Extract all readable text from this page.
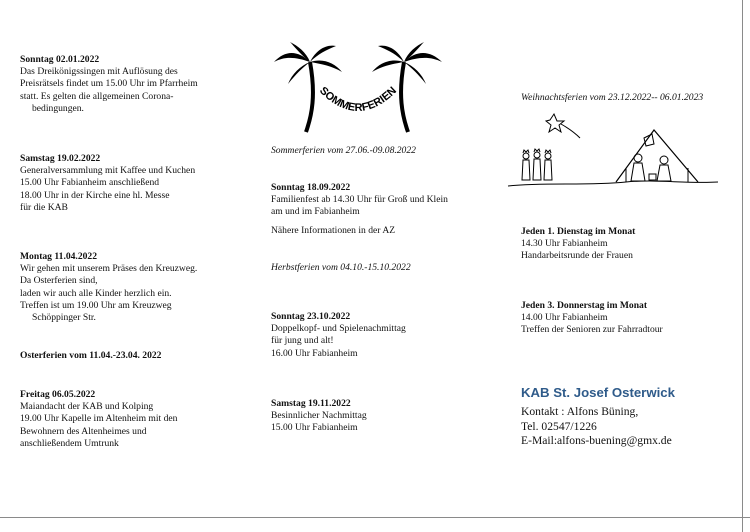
Sonntag 02.01.2022
Das Dreikönigssingen mit Auflösung des
Preisrätsels findet um 15.00 Uhr im Pfarrheim
statt. Es gelten die allgemeinen Corona-
bedingungen.
Samstag 19.02.2022
Generalversammlung mit Kaffee und Kuchen
15.00 Uhr Fabianheim anschließend
18.00 Uhr in der Kirche eine hl. Messe
für die KAB
Montag 11.04.2022
Wir gehen mit unserem Präses den Kreuzweg.
Da Osterferien sind,
laden wir auch alle Kinder herzlich ein.
Treffen ist um 19.00 Uhr am Kreuzweg
Schöppinger Str.
Osterferien vom 11.04.-23.04. 2022
Freitag 06.05.2022
Maiandacht der KAB und Kolping
19.00 Uhr Kapelle im Altenheim mit den
Bewohnern des Altenheimes und
anschließendem Umtrunk
SOMMERFERIEN
Sommerferien vom 27.06.-09.08.2022
Sonntag 18.09.2022
Familienfest ab 14.30 Uhr für Groß und Klein
am und im Fabianheim
Nähere Informationen in der AZ
Herbstferien vom 04.10.-15.10.2022
Sonntag 23.10.2022
Doppelkopf- und Spielenachmittag
für jung und alt!
16.00 Uhr Fabianheim
Samstag 19.11.2022
Besinnlicher Nachmittag
15.00 Uhr Fabianheim
Weihnachtsferien vom 23.12.2022-- 06.01.2023
Jeden 1. Dienstag im Monat
14.30 Uhr Fabianheim
Handarbeitsrunde der Frauen
Jeden 3. Donnerstag im Monat
14.00 Uhr Fabianheim
Treffen der Senioren zur Fahrradtour
KAB St. Josef Osterwick
Kontakt : Alfons Büning,
Tel. 02547/1226
E-Mail:alfons-buening@gmx.de
